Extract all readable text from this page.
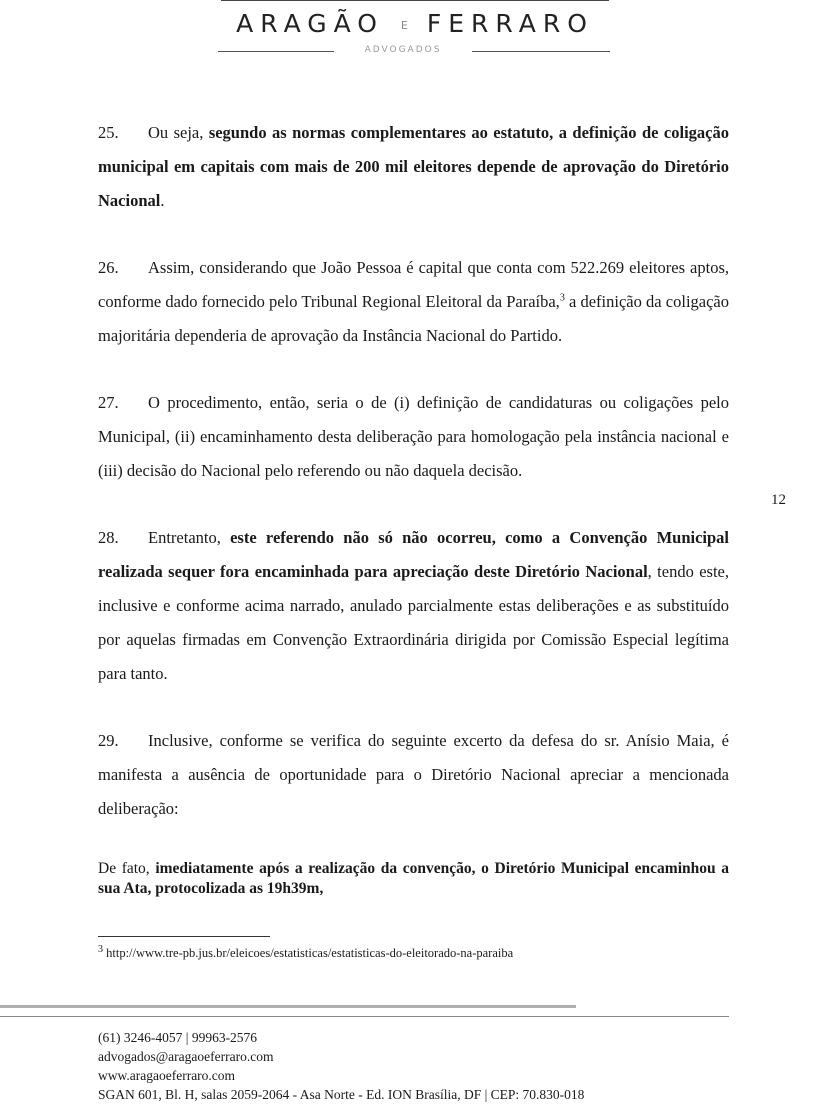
ARAGÃO E FERRARO
ADVOGADOS

25. Ou seja, segundo as normas complementares ao estatuto, a definição de coligação municipal em capitais com mais de 200 mil eleitores depende de aprovação do Diretório Nacional.

26. Assim, considerando que João Pessoa é capital que conta com 522.269 eleitores aptos, conforme dado fornecido pelo Tribunal Regional Eleitoral da Paraíba,$^3$ a definição da coligação majoritária dependeria de aprovação da Instância Nacional do Partido.

27. O procedimento, então, seria o de (i) definição de candidaturas ou coligações pelo Municipal, (ii) encaminhamento desta deliberação para homologação pela instância nacional e (iii) decisão do Nacional pelo referendo ou não daquela decisão.

28. Entretanto, este referendo não só não ocorreu, como a Convenção Municipal realizada sequer fora encaminhada para apreciação deste Diretório Nacional, tendo este, inclusive e conforme acima narrado, anulado parcialmente estas deliberações e as substituído por aquelas firmadas em Convenção Extraordinária dirigida por Comissão Especial legítima para tanto.

29. Inclusive, conforme se verifica do seguinte excerto da defesa do sr. Anísio Maia, é manifesta a ausência de oportunidade para o Diretório Nacional apreciar a mencionada deliberação:

De fato, imediatamente após a realização da convenção, o Diretório Municipal encaminhou a sua Ata, protocolizada as 19h39m,

12
$^3$ http://www.tre-pb.jus.br/eleicoes/estatisticas/estatisticas-do-eleitorado-na-paraiba
(61) 3246-4057 | 99963-2576
advogados@aragaoeferraro.com
www.aragaoeferraro.com
SGAN 601, Bl. H, salas 2059-2064 - Asa Norte - Ed. ION Brasília, DF | CEP: 70.830-018
